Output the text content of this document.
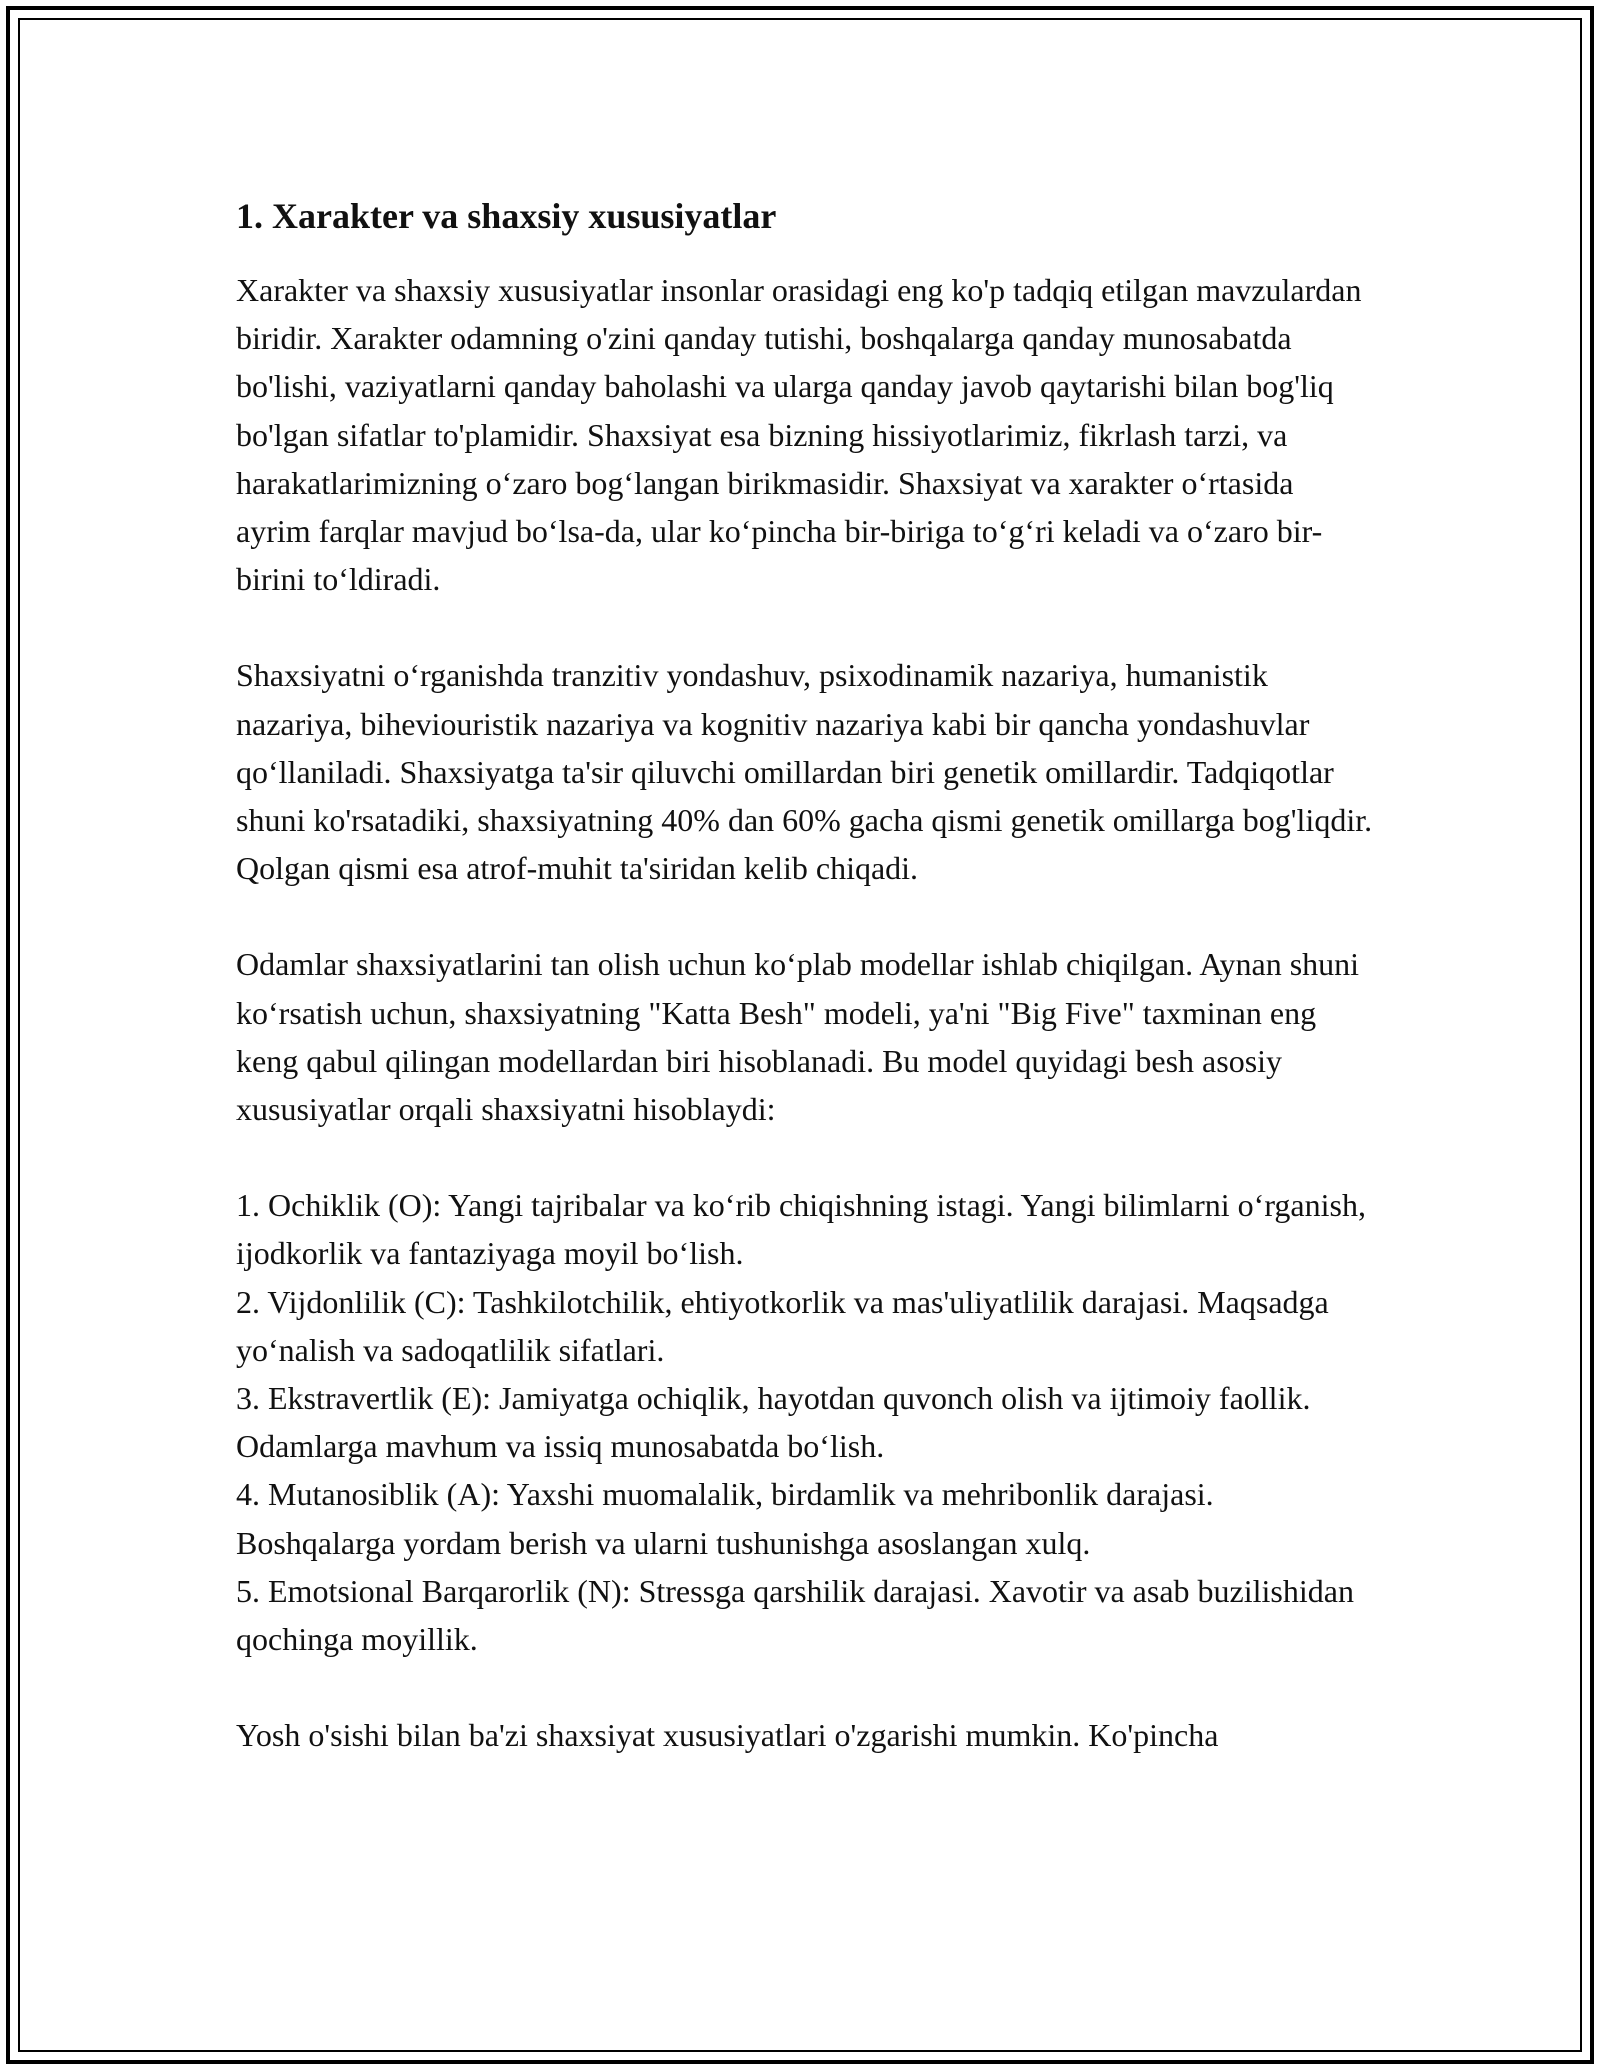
1. Xarakter va shaxsiy xususiyatlar

Xarakter va shaxsiy xususiyatlar insonlar orasidagi eng ko'p tadqiq etilgan mavzulardan biridir. Xarakter odamning o'zini qanday tutishi, boshqalarga qanday munosabatda bo'lishi, vaziyatlarni qanday baholashi va ularga qanday javob qaytarishi bilan bog'liq bo'lgan sifatlar to'plamidir. Shaxsiyat esa bizning hissiyotlarimiz, fikrlash tarzi, va harakatlarimizning o‘zaro bog‘langan birikmasidir. Shaxsiyat va xarakter o‘rtasida ayrim farqlar mavjud bo‘lsa-da, ular ko‘pincha bir-biriga to‘g‘ri keladi va o‘zaro bir-birini to‘ldiradi.

Shaxsiyatni o‘rganishda tranzitiv yondashuv, psixodinamik nazariya, humanistik nazariya, biheviouristik nazariya va kognitiv nazariya kabi bir qancha yondashuvlar qo‘llaniladi. Shaxsiyatga ta'sir qiluvchi omillardan biri genetik omillardir. Tadqiqotlar shuni ko'rsatadiki, shaxsiyatning 40% dan 60% gacha qismi genetik omillarga bog'liqdir. Qolgan qismi esa atrof-muhit ta'siridan kelib chiqadi.

Odamlar shaxsiyatlarini tan olish uchun ko‘plab modellar ishlab chiqilgan. Aynan shuni ko‘rsatish uchun, shaxsiyatning "Katta Besh" modeli, ya'ni "Big Five" taxminan eng keng qabul qilingan modellardan biri hisoblanadi. Bu model quyidagi besh asosiy xususiyatlar orqali shaxsiyatni hisoblaydi:

1. Ochiklik (O): Yangi tajribalar va ko‘rib chiqishning istagi. Yangi bilimlarni o‘rganish, ijodkorlik va fantaziyaga moyil bo‘lish.
2. Vijdonlilik (C): Tashkilotchilik, ehtiyotkorlik va mas'uliyatlilik darajasi. Maqsadga yo‘nalish va sadoqatlilik sifatlari.
3. Ekstravertlik (E): Jamiyatga ochiqlik, hayotdan quvonch olish va ijtimoiy faollik. Odamlarga mavhum va issiq munosabatda bo‘lish.
4. Mutanosiblik (A): Yaxshi muomalalik, birdamlik va mehribonlik darajasi. Boshqalarga yordam berish va ularni tushunishga asoslangan xulq.
5. Emotsional Barqarorlik (N): Stressga qarshilik darajasi. Xavotir va asab buzilishidan qochinga moyillik.

Yosh o'sishi bilan ba'zi shaxsiyat xususiyatlari o'zgarishi mumkin. Ko'pincha
